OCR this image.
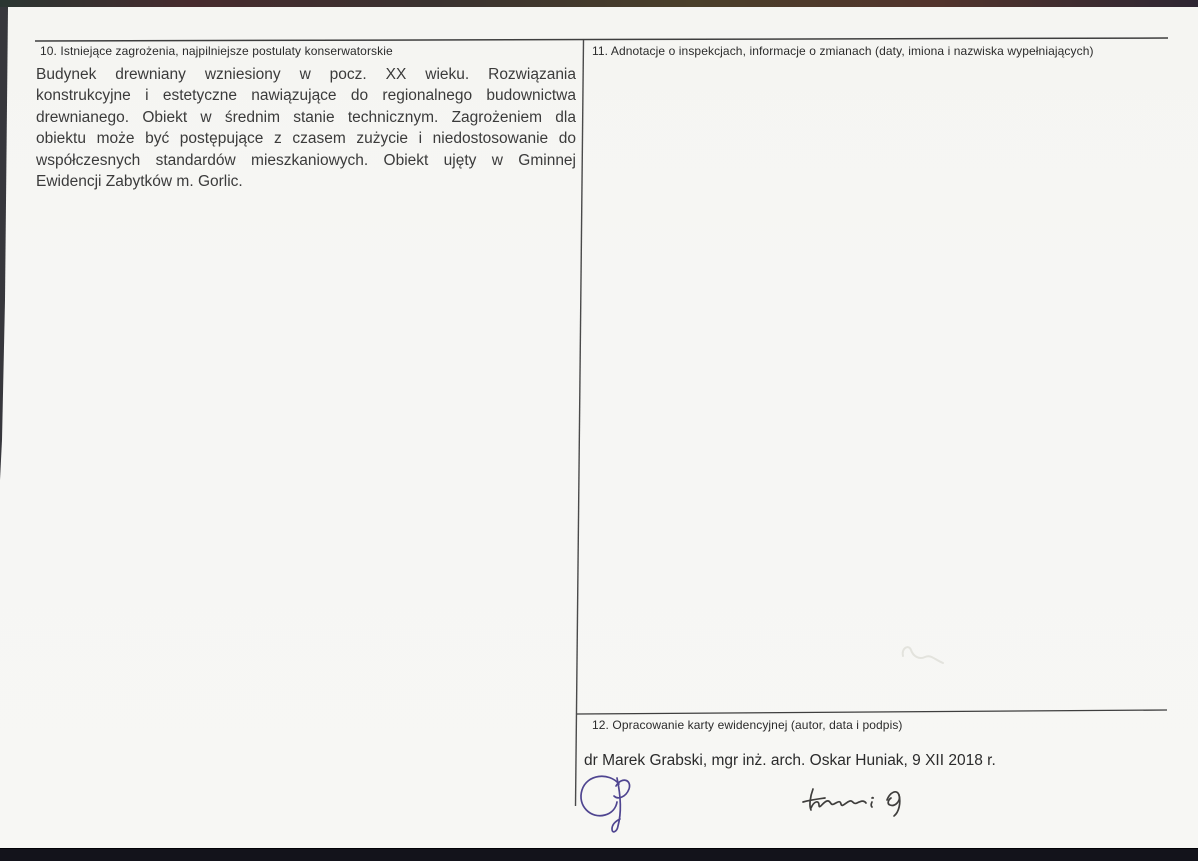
10. Istniejące zagrożenia, najpilniejsze postulaty konserwatorskie
Budynek drewniany wzniesiony w pocz. XX wieku. Rozwiązania
konstrukcyjne i estetyczne nawiązujące do regionalnego budownictwa
drewnianego. Obiekt w średnim stanie technicznym. Zagrożeniem dla
obiektu może być postępujące z czasem zużycie i niedostosowanie do
współczesnych standardów mieszkaniowych. Obiekt ujęty w Gminnej
Ewidencji Zabytków m. Gorlic.
11. Adnotacje o inspekcjach, informacje o zmianach (daty, imiona i nazwiska wypełniających)
12. Opracowanie karty ewidencyjnej (autor, data i podpis)
dr Marek Grabski, mgr inż. arch. Oskar Huniak, 9 XII 2018 r.
